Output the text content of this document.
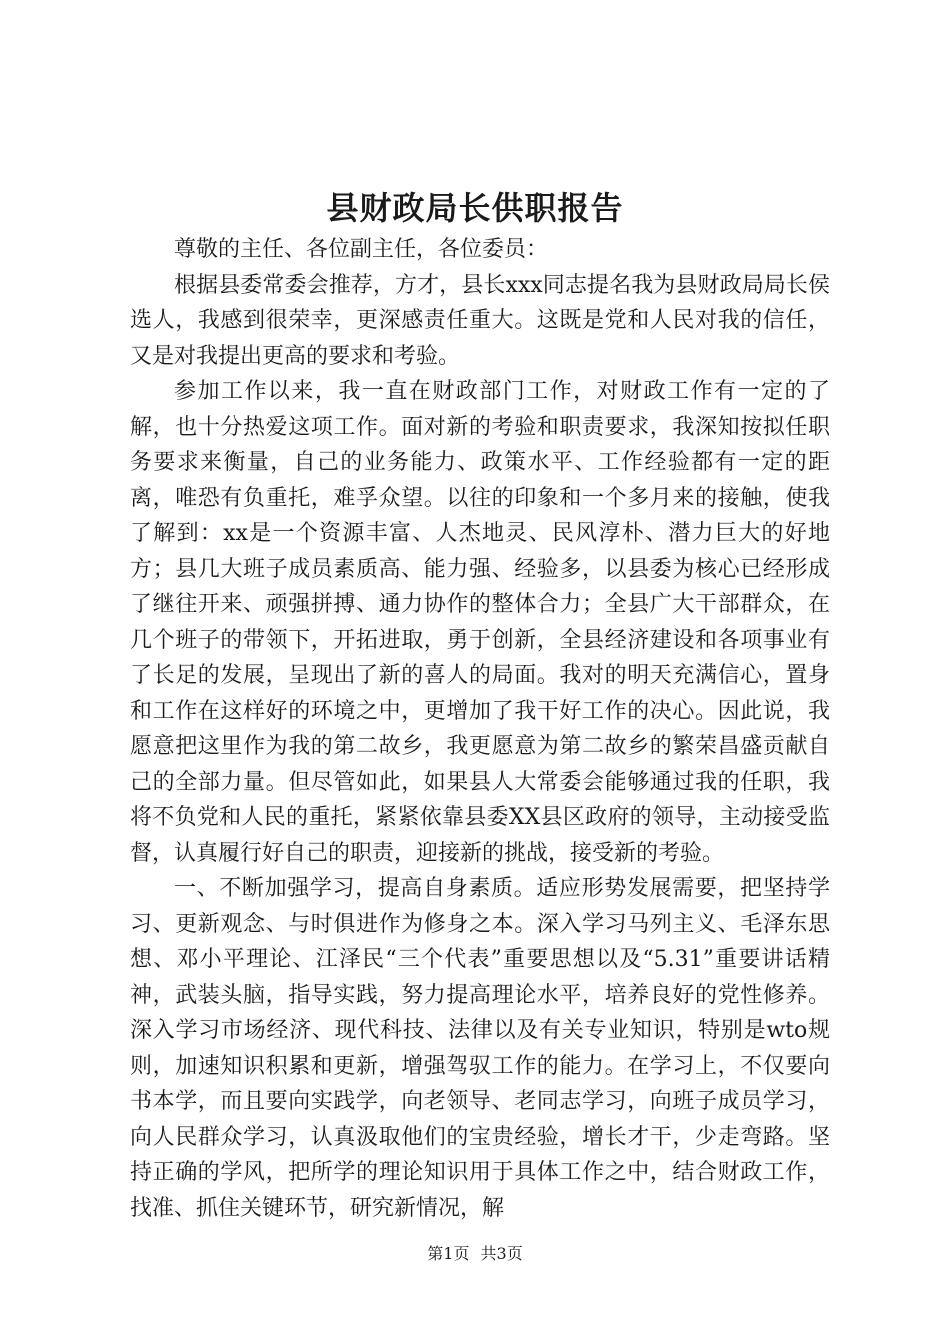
县财政局长供职报告

尊敬的主任、各位副主任，各位委员：

根据县委常委会推荐，方才，县长xxx同志提名我为县财政局局长侯选人，我感到很荣幸，更深感责任重大。这既是党和人民对我的信任，又是对我提出更高的要求和考验。

参加工作以来，我一直在财政部门工作，对财政工作有一定的了解，也十分热爱这项工作。面对新的考验和职责要求，我深知按拟任职务要求来衡量，自己的业务能力、政策水平、工作经验都有一定的距离，唯恐有负重托，难孚众望。以往的印象和一个多月来的接触，使我了解到：xx是一个资源丰富、人杰地灵、民风淳朴、潜力巨大的好地方；县几大班子成员素质高、能力强、经验多，以县委为核心已经形成了继往开来、顽强拼搏、通力协作的整体合力；全县广大干部群众，在几个班子的带领下，开拓进取，勇于创新，全县经济建设和各项事业有了长足的发展，呈现出了新的喜人的局面。我对的明天充满信心，置身和工作在这样好的环境之中，更增加了我干好工作的决心。因此说，我愿意把这里作为我的第二故乡，我更愿意为第二故乡的繁荣昌盛贡献自己的全部力量。但尽管如此，如果县人大常委会能够通过我的任职，我将不负党和人民的重托，紧紧依靠县委XX县区政府的领导，主动接受监督，认真履行好自己的职责，迎接新的挑战，接受新的考验。

一、不断加强学习，提高自身素质。适应形势发展需要，把坚持学习、更新观念、与时俱进作为修身之本。深入学习马列主义、毛泽东思想、邓小平理论、江泽民“三个代表”重要思想以及“5.31”重要讲话精神，武装头脑，指导实践，努力提高理论水平，培养良好的党性修养。深入学习市场经济、现代科技、法律以及有关专业知识，特别是wto规则，加速知识积累和更新，增强驾驭工作的能力。在学习上，不仅要向书本学，而且要向实践学，向老领导、老同志学习，向班子成员学习，向人民群众学习，认真汲取他们的宝贵经验，增长才干，少走弯路。坚持正确的学风，把所学的理论知识用于具体工作之中，结合财政工作，找准、抓住关键环节，研究新情况，解

第1页 共3页
